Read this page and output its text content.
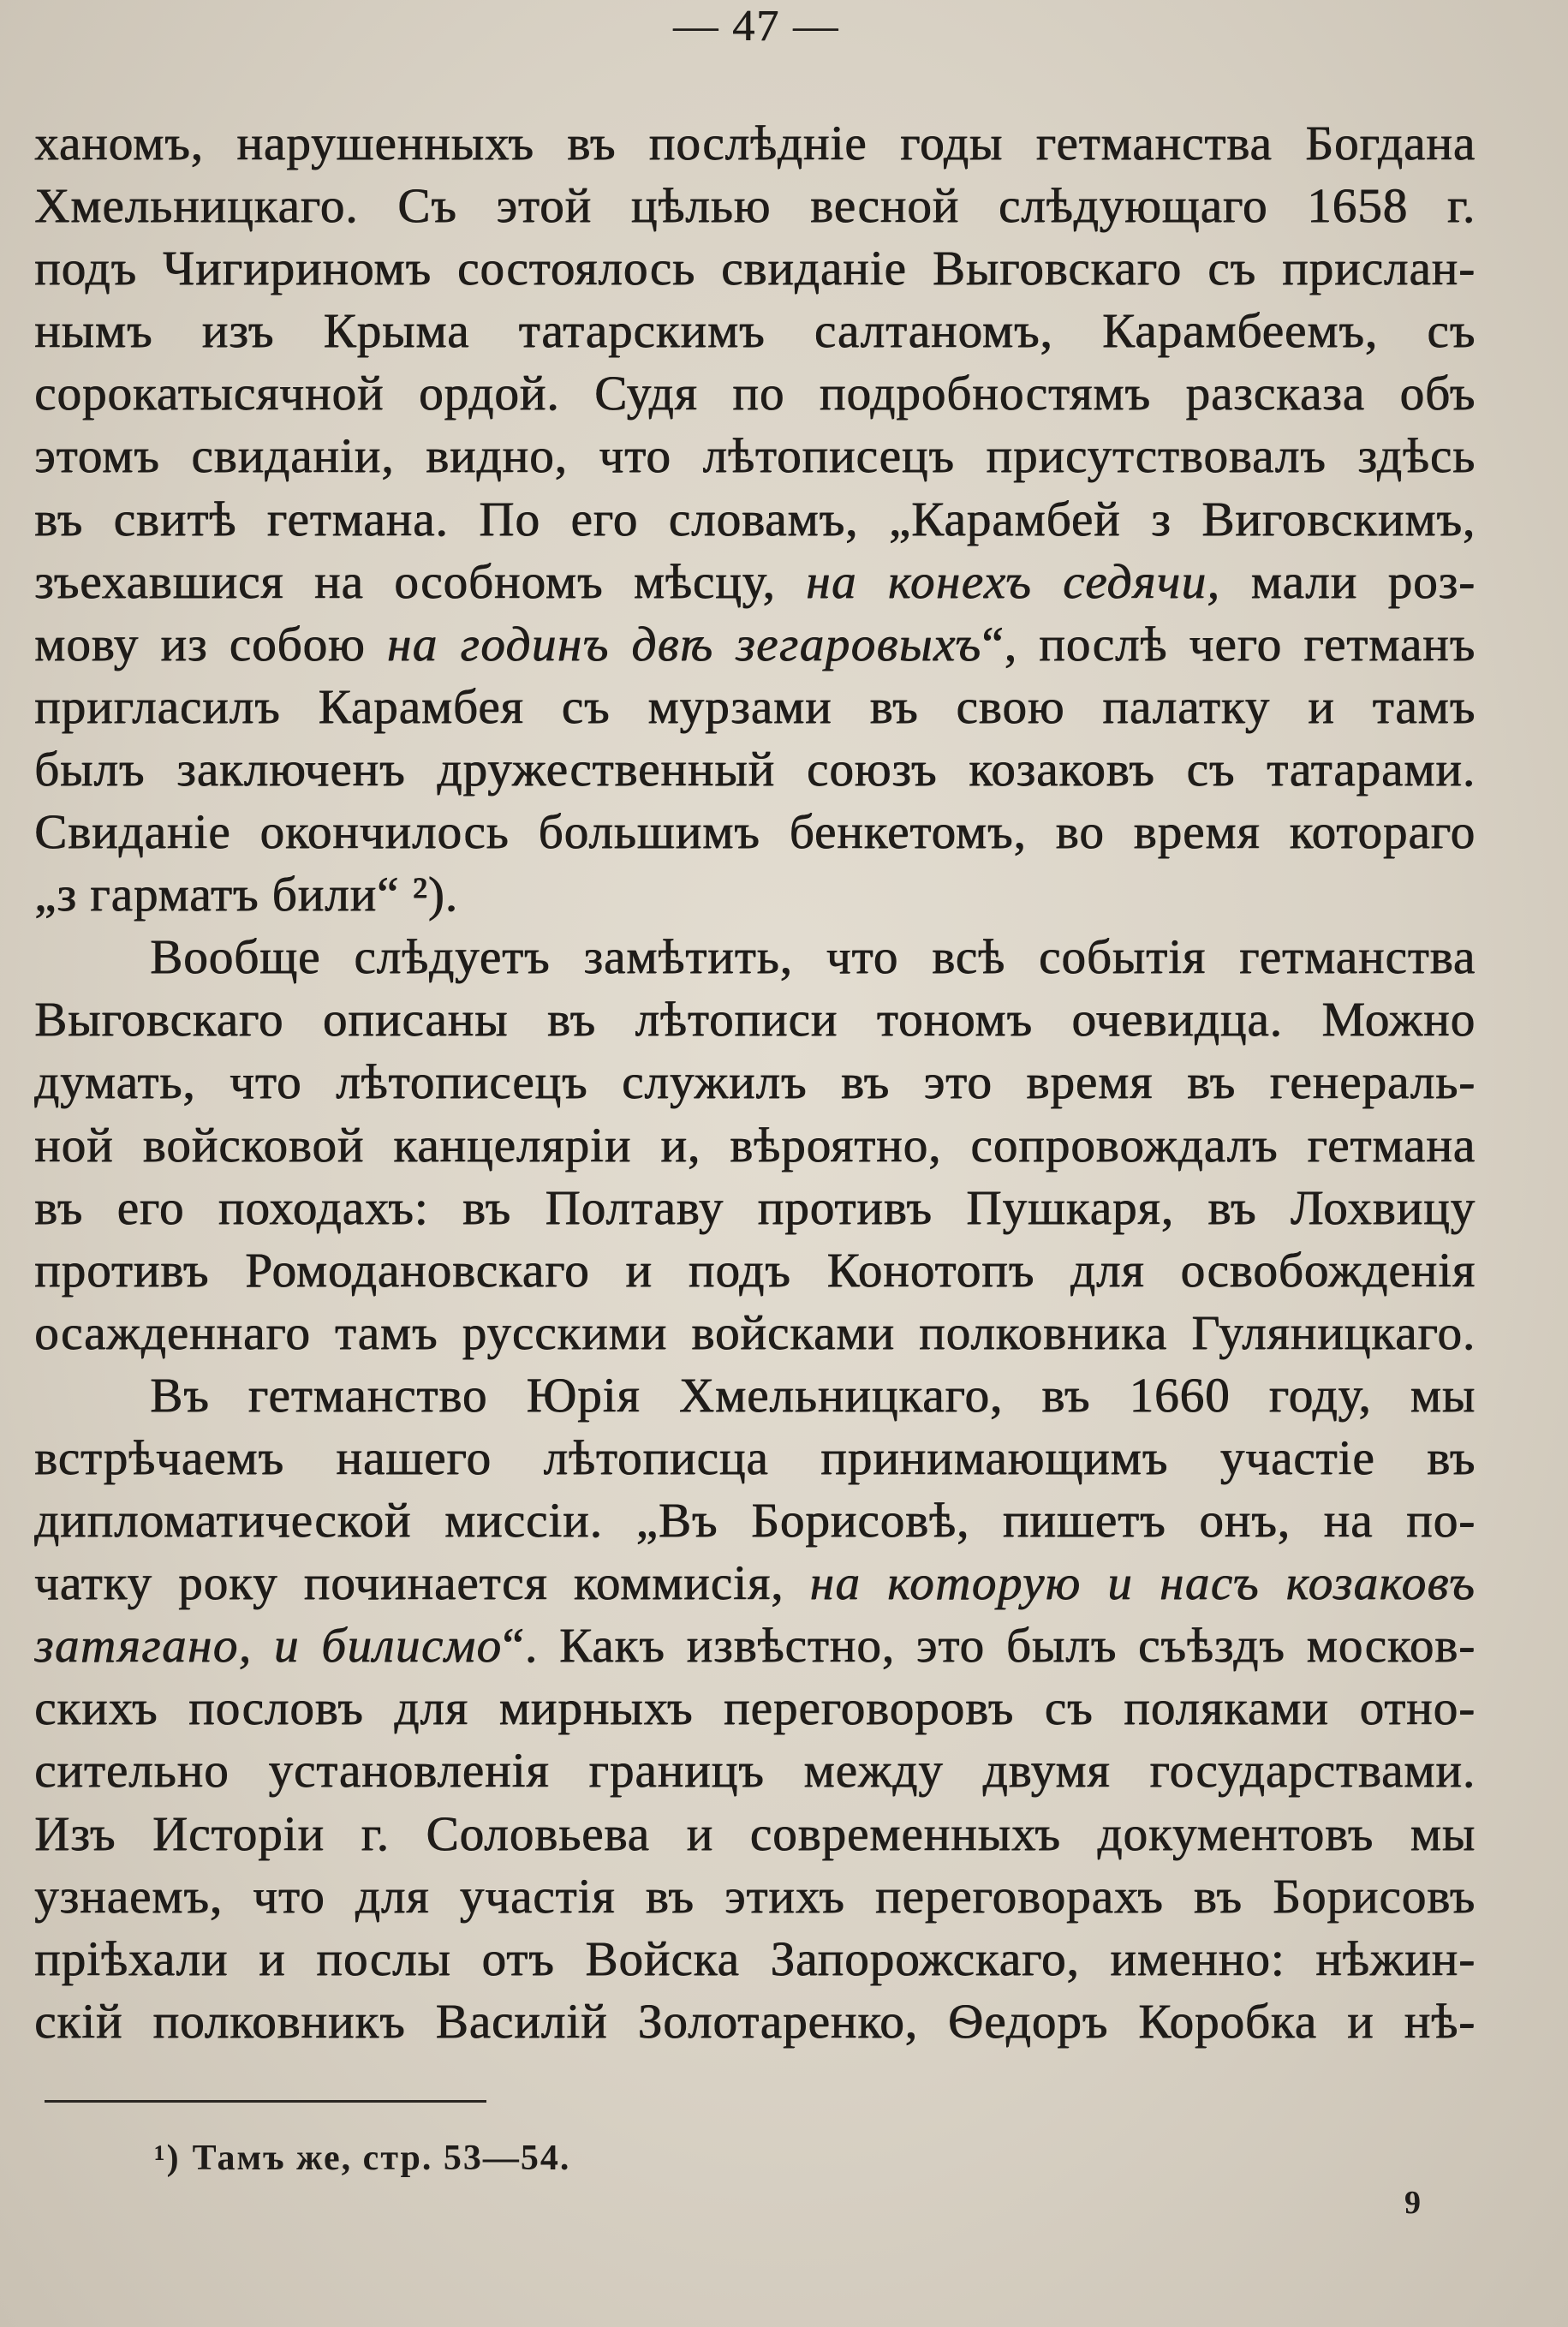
— 47 —
ханомъ, нарушенныхъ въ послѣдніе годы гетманства Богдана
Хмельницкаго. Съ этой цѣлью весной слѣдующаго 1658 г.
подъ Чигириномъ состоялось свиданіе Выговскаго съ прислан-
нымъ изъ Крыма татарскимъ салтаномъ, Карамбеемъ, съ
сорокатысячной ордой. Судя по подробностямъ разсказа объ
этомъ свиданіи, видно, что лѣтописецъ присутствовалъ здѣсь
въ свитѣ гетмана. По его словамъ, „Карамбей з Виговскимъ,
зъехавшися на особномъ мѣсцу, на конехъ седячи, мали роз-
мову из собою на годинъ двѣ зегаровыхъ“, послѣ чего гетманъ
пригласилъ Карамбея съ мурзами въ свою палатку и тамъ
былъ заключенъ дружественный союзъ козаковъ съ татарами.
Свиданіе окончилось большимъ бенкетомъ, во время котораго
„з гарматъ били“ ²).
Вообще слѣдуетъ замѣтить, что всѣ событія гетманства
Выговскаго описаны въ лѣтописи тономъ очевидца. Можно
думать, что лѣтописецъ служилъ въ это время въ генераль-
ной войсковой канцеляріи и, вѣроятно, сопровождалъ гетмана
въ его походахъ: въ Полтаву противъ Пушкаря, въ Лохвицу
противъ Ромодановскаго и подъ Конотопъ для освобожденія
осажденнаго тамъ русскими войсками полковника Гуляницкаго.
Въ гетманство Юрія Хмельницкаго, въ 1660 году, мы
встрѣчаемъ нашего лѣтописца принимающимъ участіе въ
дипломатической миссіи. „Въ Борисовѣ, пишетъ онъ, на по-
чатку року починается коммисія, на которую и насъ козаковъ
затягано, и билисмо“. Какъ извѣстно, это былъ съѣздъ москов-
скихъ пословъ для мирныхъ переговоровъ съ поляками отно-
сительно установленія границъ между двумя государствами.
Изъ Исторіи г. Соловьева и современныхъ документовъ мы
узнаемъ, что для участія въ этихъ переговорахъ въ Борисовъ
пріѣхали и послы отъ Войска Запорожскаго, именно: нѣжин-
скій полковникъ Василій Золотаренко, Ѳедоръ Коробка и нѣ-
¹) Тамъ же, стр. 53—54.
9
